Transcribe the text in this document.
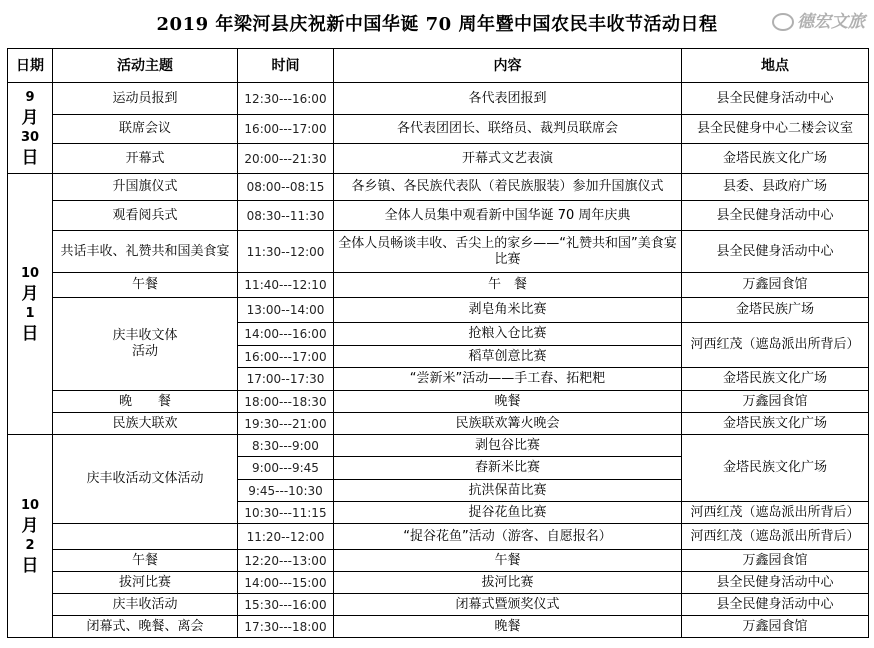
2019 年梁河县庆祝新中国华诞 70 周年暨中国农民丰收节活动日程
日期	活动主题	时间	内容	地点

9
月
30
日	运动员报到	12:30---16:00	各代表团报到	县全民健身活动中心
	联席会议	16:00---17:00	各代表团团长、联络员、裁判员联席会	县全民健身中心二楼会议室
	开幕式	20:00---21:30	开幕式文艺表演	金塔民族文化广场

10
月
1
日	升国旗仪式	08:00--08:15	各乡镇、各民族代表队（着民族服装）参加升国旗仪式	县委、县政府广场
	观看阅兵式	08:30--11:30	全体人员集中观看新中国华诞 70 周年庆典	县全民健身活动中心
	共话丰收、礼赞共和国美食宴	11:30--12:00	全体人员畅谈丰收、舌尖上的家乡——“礼赞共和国”美食宴比赛	县全民健身活动中心
	午餐	11:40---12:10	午　餐	万鑫园食馆
	庆丰收文体活动	13:00--14:00	剥皂角米比赛	金塔民族广场
		14:00---16:00	抢粮入仓比赛	河西红茂（遮岛派出所背后）
		16:00---17:00	稻草创意比赛	
		17:00--17:30	“尝新米”活动——手工舂、拓粑粑	金塔民族文化广场
	晚　　餐	18:00---18:30	晚餐	万鑫园食馆
	民族大联欢	19:30---21:00	民族联欢篝火晚会	金塔民族文化广场

10
月
2
日	庆丰收活动文体活动	8:30---9:00	剥包谷比赛	金塔民族文化广场
		9:00---9:45	舂新米比赛	
		9:45---10:30	抗洪保苗比赛	
		10:30---11:15	捉谷花鱼比赛	河西红茂（遮岛派出所背后）
		11:20--12:00	“捉谷花鱼”活动（游客、自愿报名）	河西红茂（遮岛派出所背后）
	午餐	12:20---13:00	午餐	万鑫园食馆
	拔河比赛	14:00---15:00	拔河比赛	县全民健身活动中心
	庆丰收活动	15:30---16:00	闭幕式暨颁奖仪式	县全民健身活动中心
	闭幕式、晚餐、离会	17:30---18:00	晚餐	万鑫园食馆
德宏文旅
